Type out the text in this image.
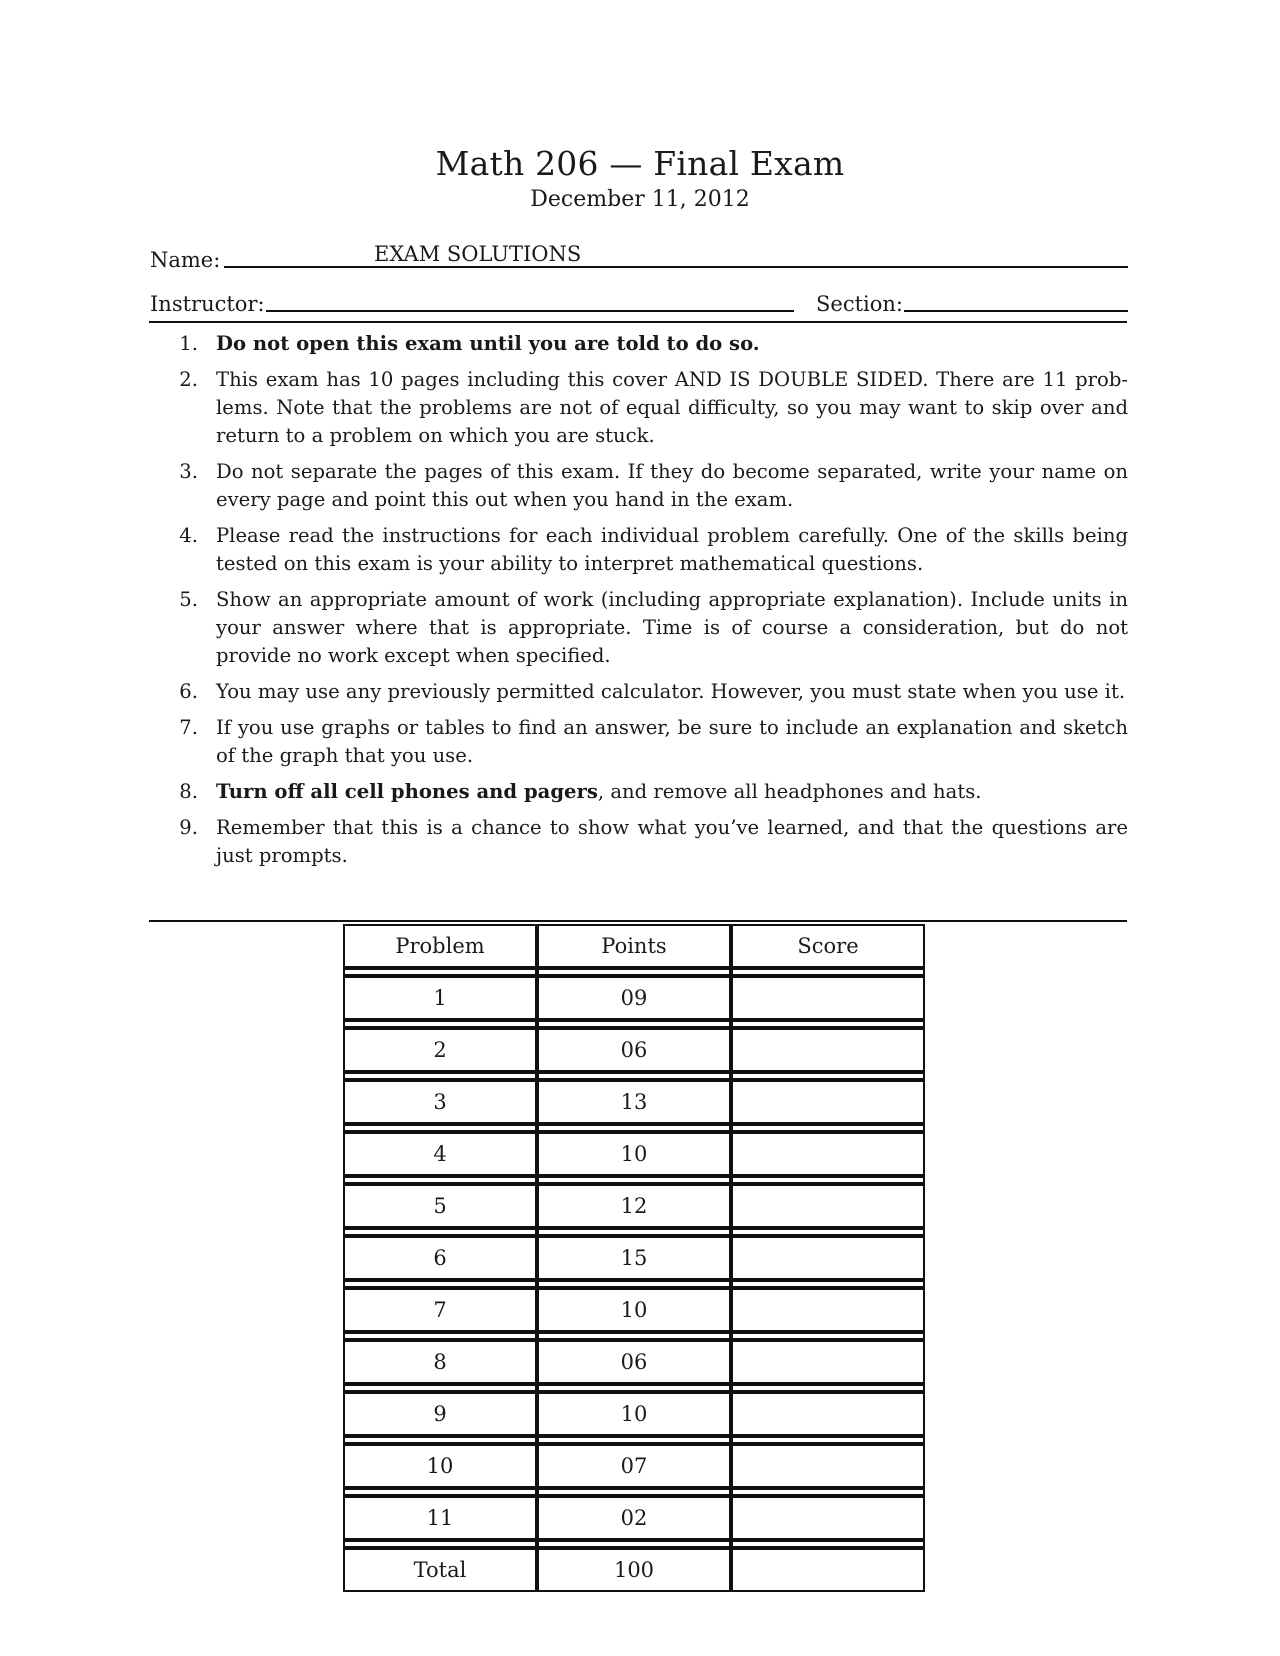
Math 206 — Final Exam
December 11, 2012
Name:	EXAM SOLUTIONS
Instructor:	Section:
1. Do not open this exam until you are told to do so.
2. This exam has 10 pages including this cover AND IS DOUBLE SIDED. There are 11 prob- lems. Note that the problems are not of equal difficulty, so you may want to skip over and return to a problem on which you are stuck.
3. Do not separate the pages of this exam. If they do become separated, write your name on every page and point this out when you hand in the exam.
4. Please read the instructions for each individual problem carefully. One of the skills being tested on this exam is your ability to interpret mathematical questions.
5. Show an appropriate amount of work (including appropriate explanation). Include units in your answer where that is appropriate. Time is of course a consideration, but do not provide no work except when specified.
6. You may use any previously permitted calculator. However, you must state when you use it.
7. If you use graphs or tables to find an answer, be sure to include an explanation and sketch of the graph that you use.
8. Turn off all cell phones and pagers, and remove all headphones and hats.
9. Remember that this is a chance to show what you’ve learned, and that the questions are just prompts.
Problem	Points	Score

1	09	

2	06	

3	13	

4	10	

5	12	

6	15	

7	10	

8	06	

9	10	

10	07	

11	02	

Total	100	
